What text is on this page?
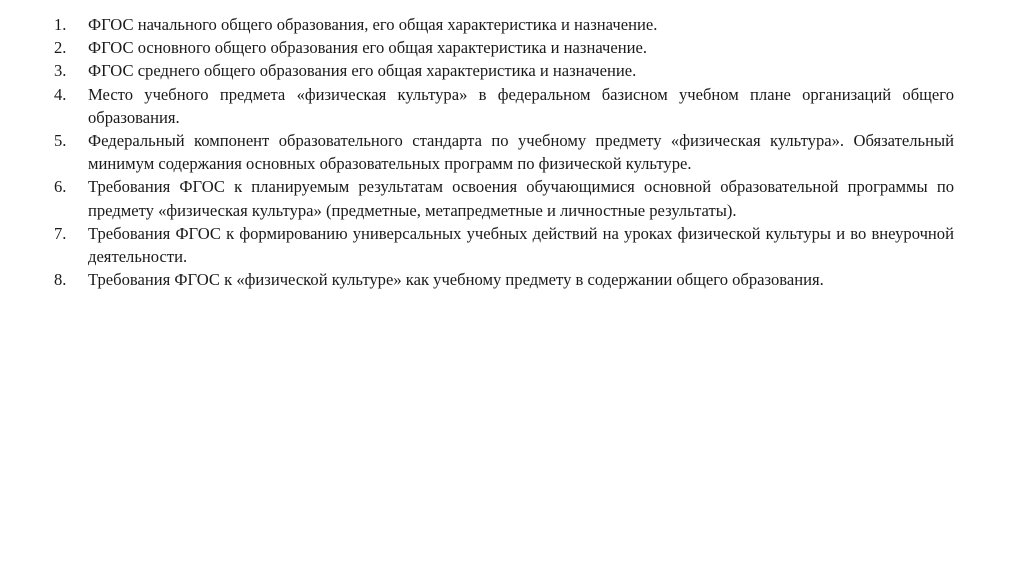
1.	ФГОС начального общего образования, его общая характеристика и назначение.
2.	ФГОС основного общего образования его общая характеристика и назначение.
3.	ФГОС среднего общего образования его общая характеристика и назначение.
4.	Место учебного предмета «физическая культура» в федеральном базисном учебном плане организаций общего образования.
5.	Федеральный компонент образовательного стандарта по учебному предмету «физическая культура». Обязательный минимум содержания основных образовательных программ по физической культуре.
6.	Требования ФГОС к планируемым результатам освоения обучающимися основной образовательной программы по предмету «физическая культура» (предметные, метапредметные и личностные результаты).
7.	Требования ФГОС к формированию универсальных учебных действий на уроках физической культуры и во внеурочной деятельности.
8.	Требования ФГОС к «физической культуре» как учебному предмету в содержании общего образования.
